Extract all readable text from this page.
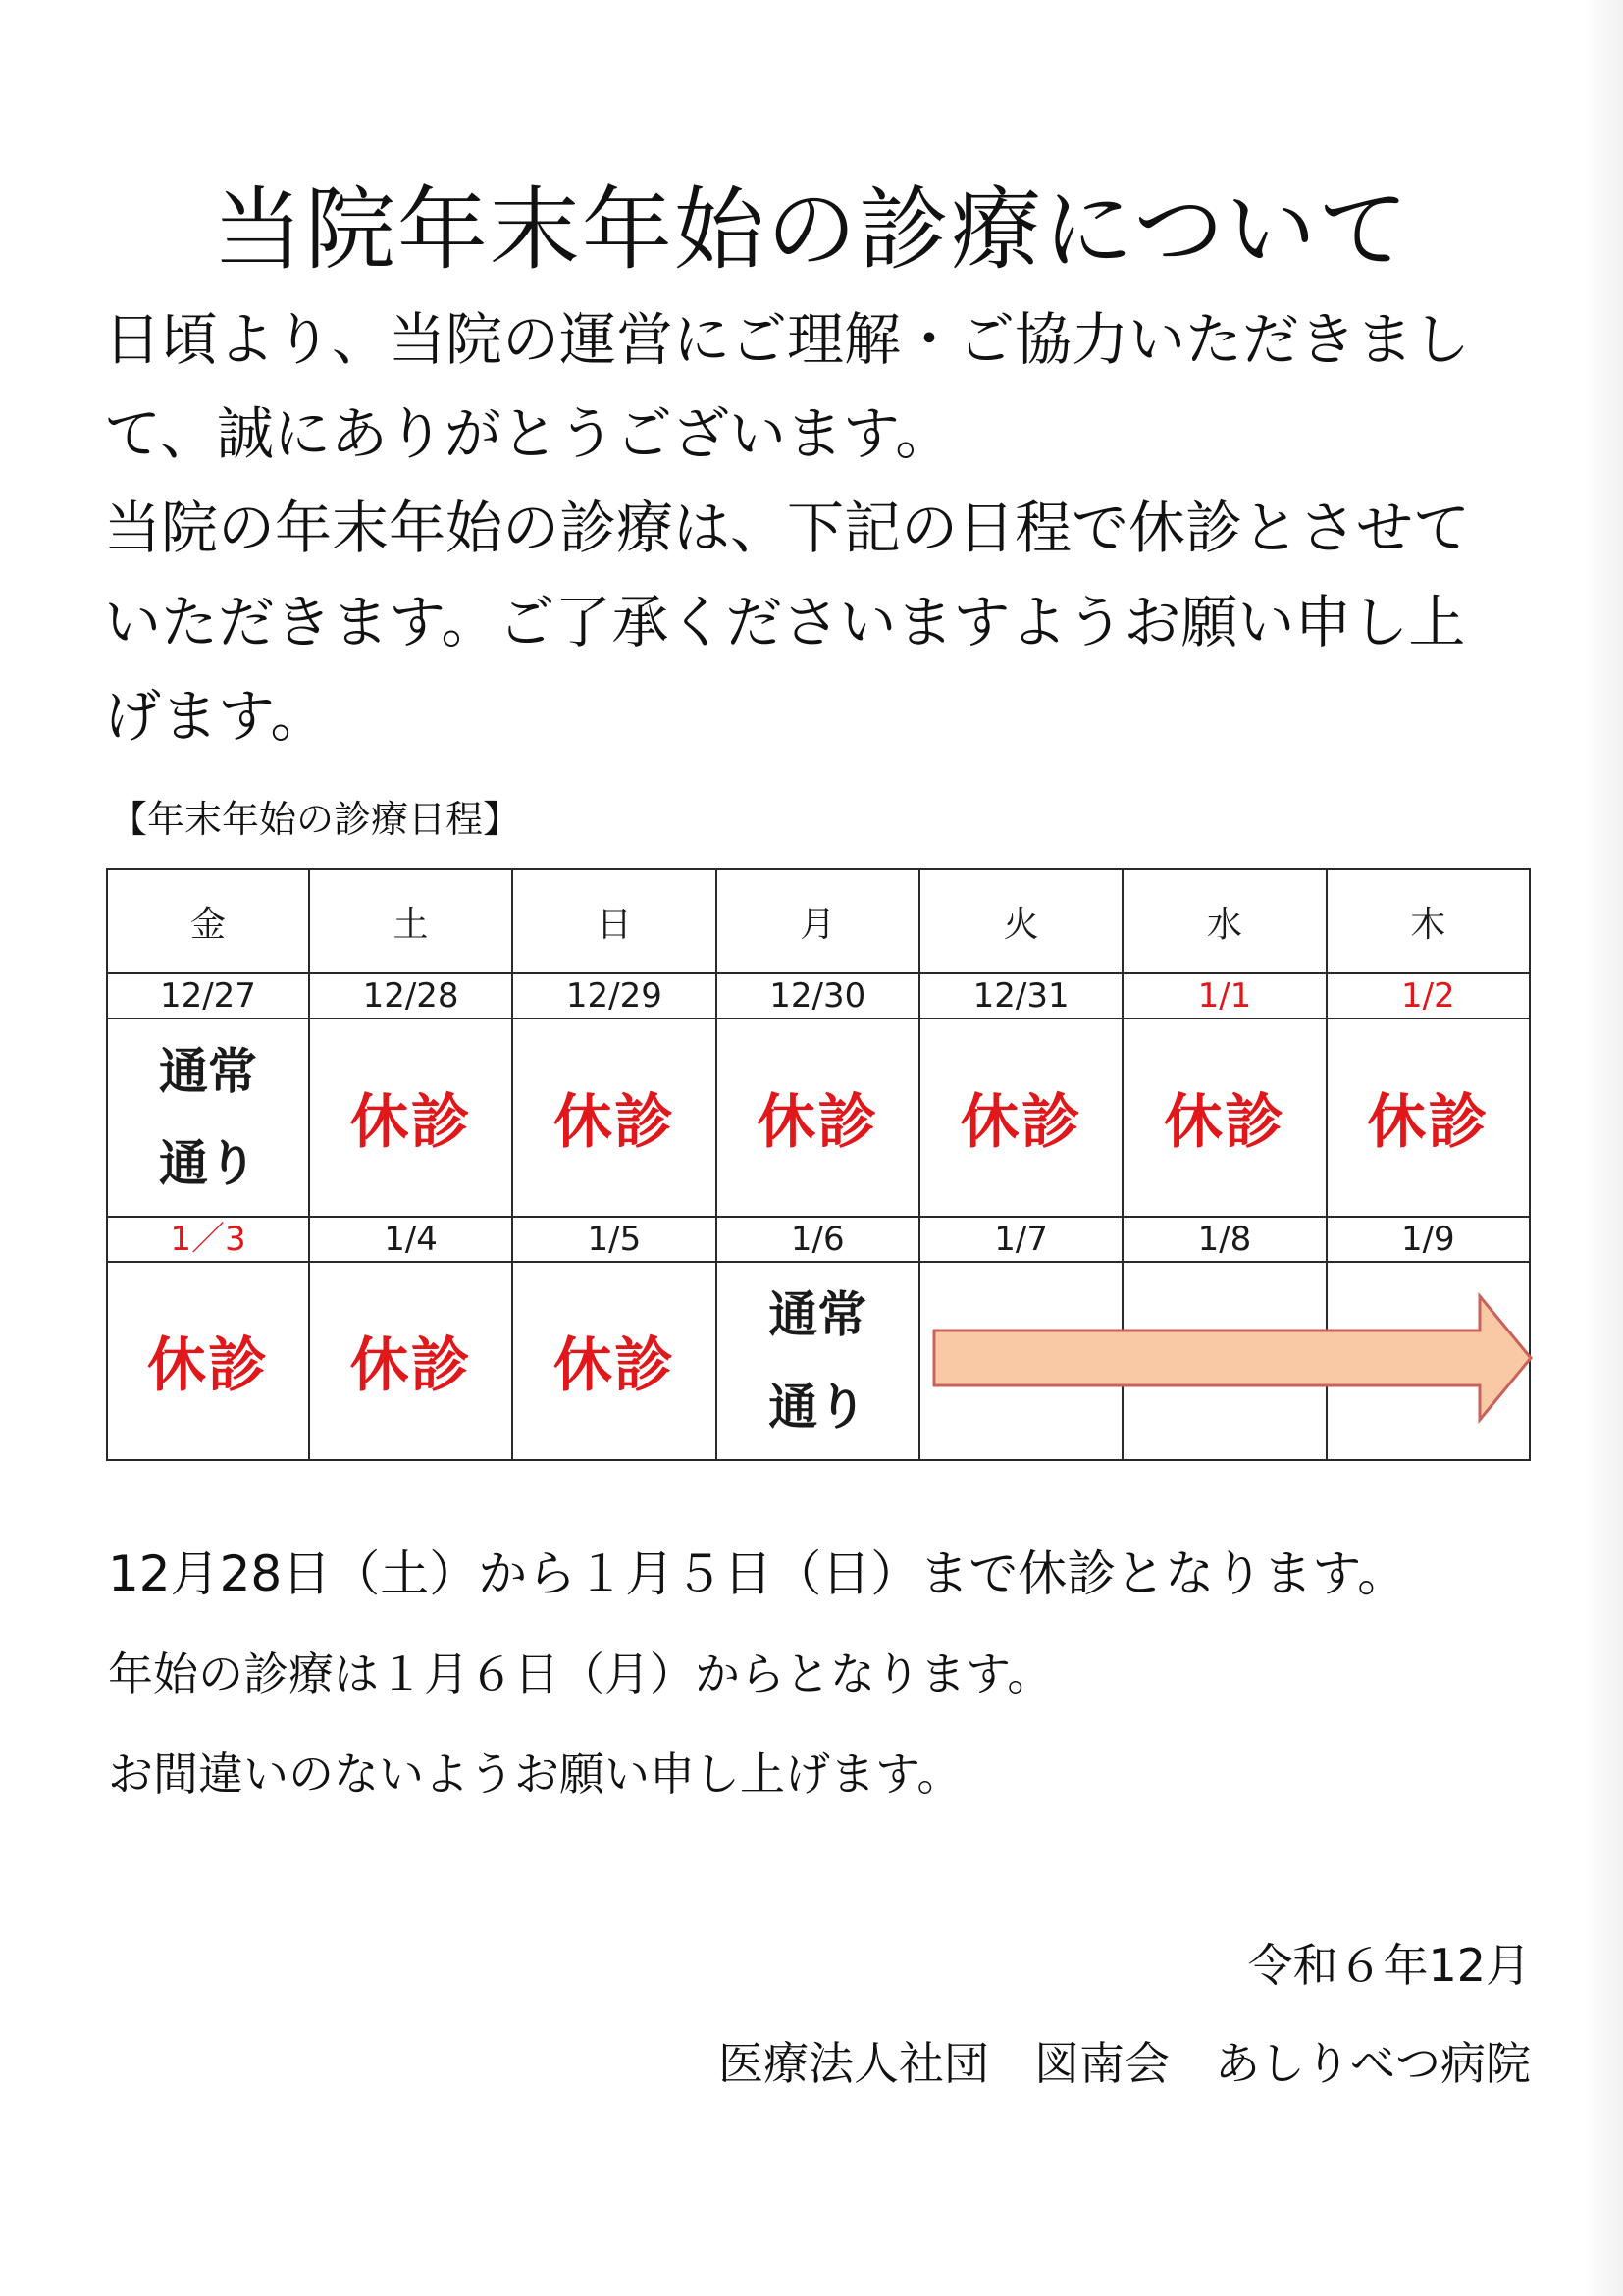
当院年末年始の診療について

日頃より、当院の運営にご理解・ご協力いただきまし

て、誠にありがとうございます。

当院の年末年始の診療は、下記の日程で休診とさせて

いただきます。ご了承くださいますようお願い申し上

げます。

【年末年始の診療日程】
金	土	日	月	火	水	木
12/27	12/28	12/29	12/30	12/31	1/1	1/2

通常
通り	休診	休診	休診	休診	休診	休診
1／3	1/4	1/5	1/6	1/7	1/8	1/9
休診	休診	休診	通常
通り

12月28日（土）から１月５日（日）まで休診となります。

年始の診療は１月６日（月）からとなります。

お間違いのないようお願い申し上げます。

令和６年12月
医療法人社団　図南会　あしりべつ病院
